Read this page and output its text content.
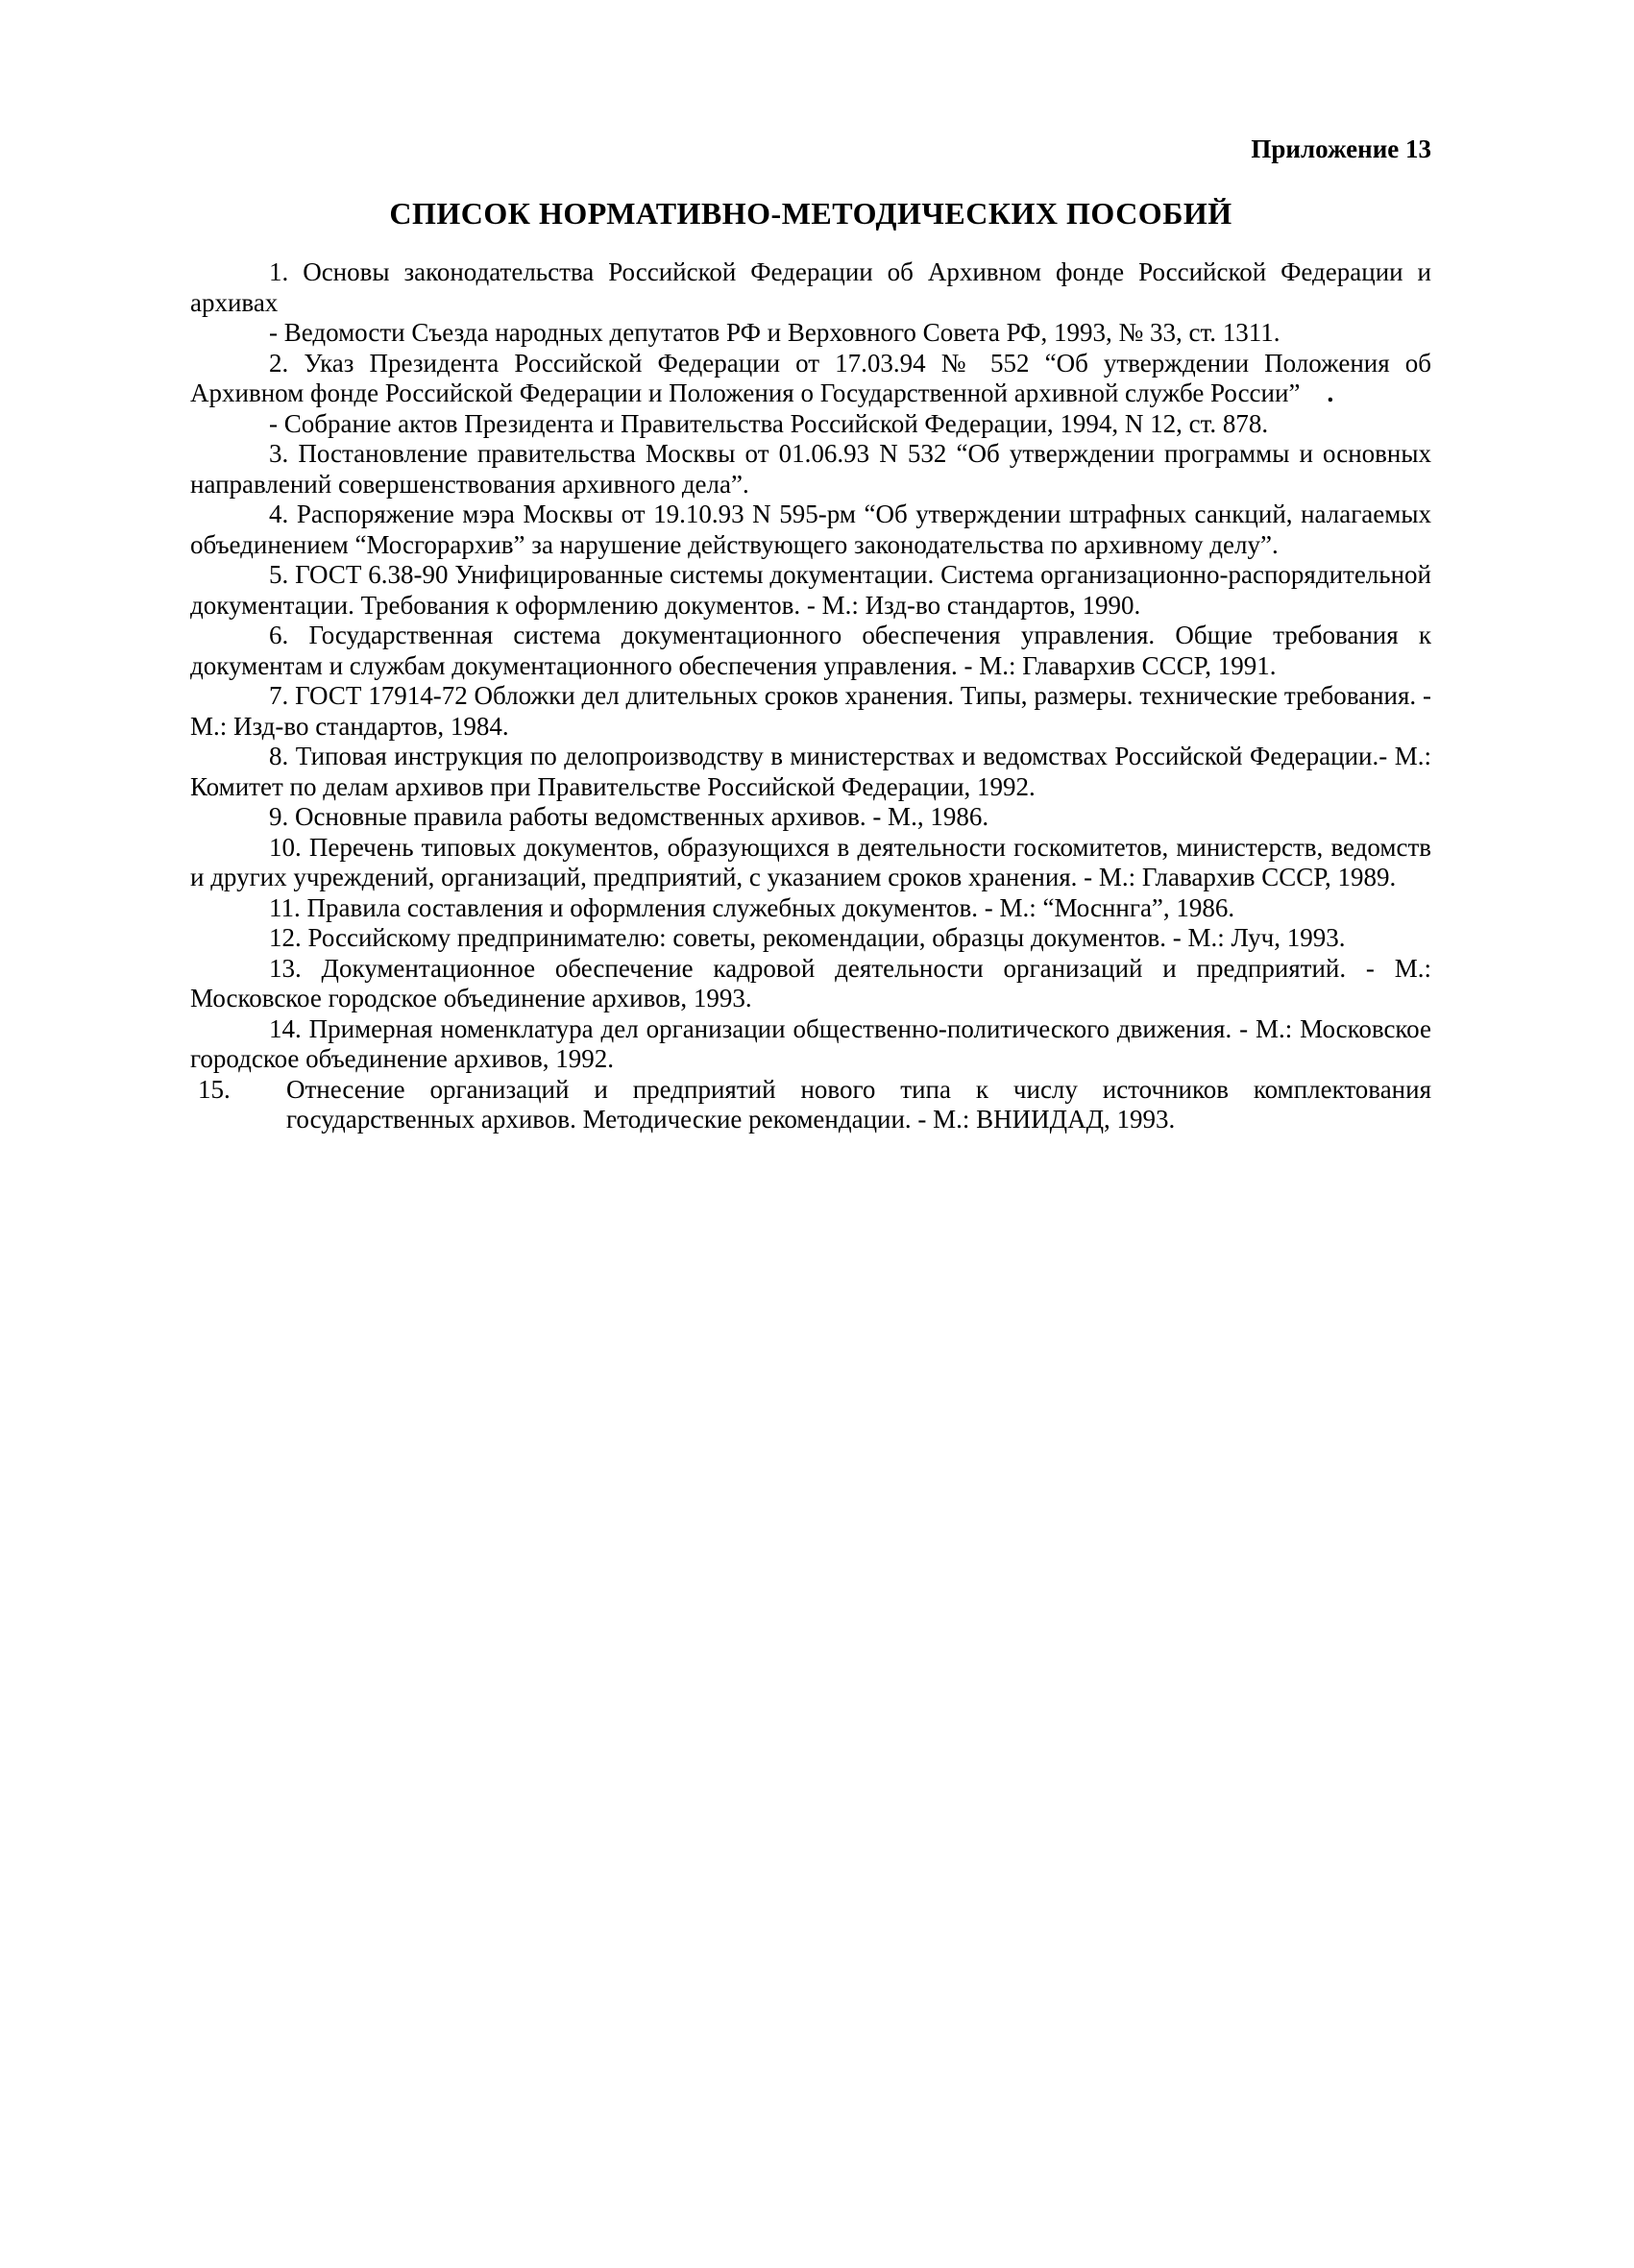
Приложение 13
СПИСОК НОРМАТИВНО-МЕТОДИЧЕСКИХ ПОСОБИЙ

1. Основы законодательства Российской Федерации об Архивном фонде Российской Федерации и архивах

- Ведомости Съезда народных депутатов РФ и Верховного Совета РФ, 1993, № 33, ст. 1311.

2. Указ Президента Российской Федерации от 17.03.94 № 552 “Об утверждении Положения об Архивном фонде Российской Федерации и Положения о Государственной архивной службе России” .

- Собрание актов Президента и Правительства Российской Федерации, 1994, N 12, ст. 878.

3. Постановление правительства Москвы от 01.06.93 N 532 “Об утверждении программы и основных направлений совершенствования архивного дела”.

4. Распоряжение мэра Москвы от 19.10.93 N 595-рм “Об утверждении штрафных санкций, налагаемых объединением “Мосгорархив” за нарушение действующего законодательства по архивному делу”.

5. ГОСТ 6.38-90 Унифицированные системы документации. Система организационно-распорядительной документации. Требования к оформлению документов. - М.: Изд-во стандартов, 1990.

6. Государственная система документационного обеспечения управления. Общие требования к документам и службам документационного обеспечения управления. - М.: Главархив СССР, 1991.

7. ГОСТ 17914-72 Обложки дел длительных сроков хранения. Типы, размеры. технические требования. - М.: Изд-во стандартов, 1984.

8. Типовая инструкция по делопроизводству в министерствах и ведомствах Российской Федерации.- М.: Комитет по делам архивов при Правительстве Российской Федерации, 1992.

9. Основные правила работы ведомственных архивов. - М., 1986.

10. Перечень типовых документов, образующихся в деятельности госкомитетов, министерств, ведомств и других учреждений, организаций, предприятий, с указанием сроков хранения. - М.: Главархив СССР, 1989.

11. Правила составления и оформления служебных документов. - М.: “Мосннга”, 1986.

12. Российскому предпринимателю: советы, рекомендации, образцы документов. - М.: Луч, 1993.

13. Документационное обеспечение кадровой деятельности организаций и предприятий. - М.: Московское городское объединение архивов, 1993.

14. Примерная номенклатура дел организации общественно-политического движения. - М.: Московское городское объединение архивов, 1992.

15. Отнесение организаций и предприятий нового типа к числу источников комплектования государственных архивов. Методические рекомендации. - М.: ВНИИДАД, 1993.
